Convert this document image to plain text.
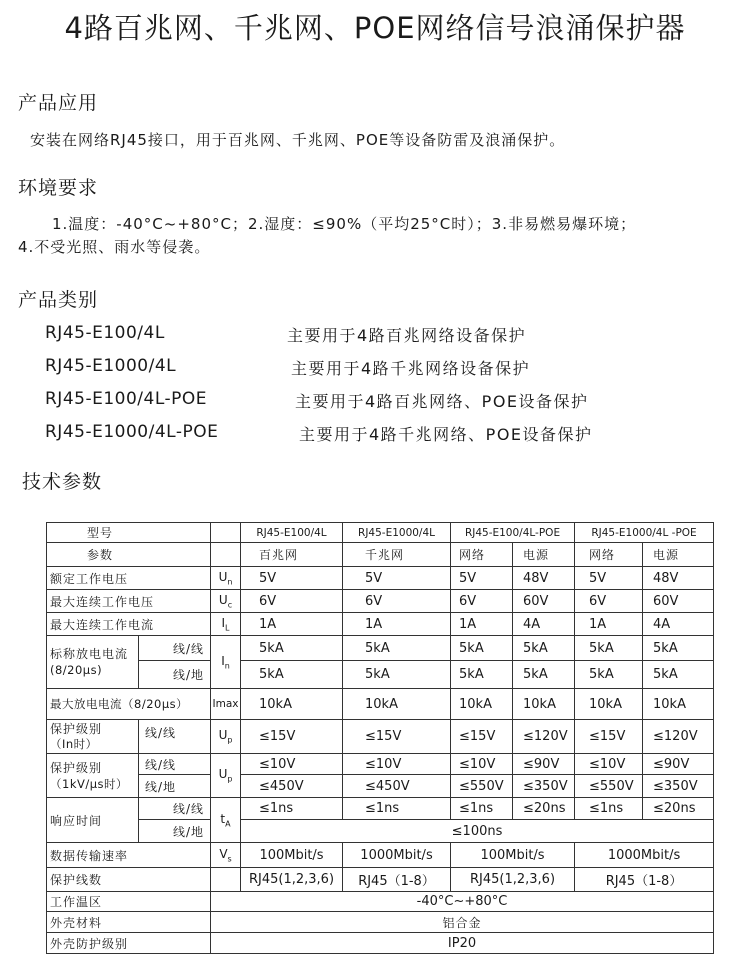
4路百兆网、千兆网、POE网络信号浪涌保护器
产品应用
安装在网络RJ45接口，用于百兆网、千兆网、POE等设备防雷及浪涌保护。
环境要求
1.温度：-40°C~+80°C；2.湿度：≤90%（平均25°C时）；3.非易燃易爆环境；
4.不受光照、雨水等侵袭。
产品类别
RJ45-E100/4L	主要用于4路百兆网络设备保护
RJ45-E1000/4L	主要用于4路千兆网络设备保护
RJ45-E100/4L-POE	主要用于4路百兆网络、POE设备保护
RJ45-E1000/4L-POE	主要用于4路千兆网络、POE设备保护
技术参数
型号			RJ45-E100/4L	RJ45-E1000/4L	RJ45-E100/4L-POE		RJ45-E1000/4L -POE	
参数			百兆网	千兆网	网络	电源	网络	电源
额定工作电压		$U_n$	5V	5V	5V	48V	5V	48V
最大连续工作电压		$U_c$	6V	6V	6V	60V	6V	60V
最大连续工作电流		$I_L$	1A	1A	1A	4A	1A	4A

标称放电电流
(8/20μs)	线/线	$I_n$	5kA	5kA	5kA	5kA	5kA	5kA
	线/地		5kA	5kA	5kA	5kA	5kA	5kA
最大放电电流（8/20μs）		Imax	10kA	10kA	10kA	10kA	10kA	10kA

保护级别
（In时）	线/线	$U_p$	≤15V	≤15V	≤15V	≤120V	≤15V	≤120V

保护级别
（1kV/μs时）	线/线	$U_p$	≤10V	≤10V	≤10V	≤90V	≤10V	≤90V
	线/地		≤450V	≤450V	≤550V	≤350V	≤550V	≤350V
响应时间	线/线	$t_A$	≤1ns	≤1ns	≤1ns	≤20ns	≤1ns	≤20ns
	线/地		≤100ns					
数据传输速率		$V_s$	100Mbit/s	1000Mbit/s	100Mbit/s		1000Mbit/s	
保护线数			RJ45(1,2,3,6)	RJ45（1-8）	RJ45(1,2,3,6)		RJ45（1-8）	
工作温区		-40°C~+80°C						
外壳材料		铝合金						
外壳防护级别		IP20						
